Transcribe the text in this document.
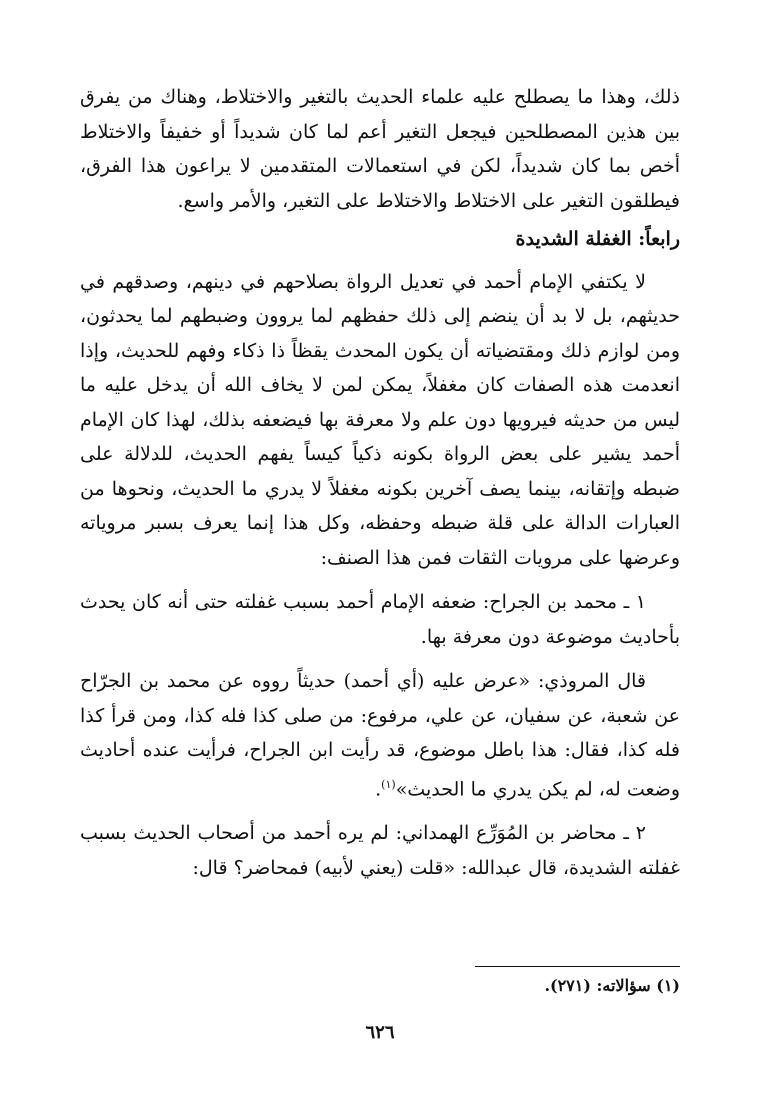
ذلك، وهذا ما يصطلح عليه علماء الحديث بالتغير والاختلاط، وهناك من يفرق بين هذين المصطلحين فيجعل التغير أعم لما كان شديداً أو خفيفاً والاختلاط أخص بما كان شديداً، لكن في استعمالات المتقدمين لا يراعون هذا الفرق، فيطلقون التغير على الاختلاط والاختلاط على التغير، والأمر واسع.

رابعاً: الغفلة الشديدة

لا يكتفي الإمام أحمد في تعديل الرواة بصلاحهم في دينهم، وصدقهم في حديثهم، بل لا بد أن ينضم إلى ذلك حفظهم لما يروون وضبطهم لما يحدثون، ومن لوازم ذلك ومقتضياته أن يكون المحدث يقظاً ذا ذكاء وفهم للحديث، وإذا انعدمت هذه الصفات كان مغفلاً، يمكن لمن لا يخاف الله أن يدخل عليه ما ليس من حديثه فيرويها دون علم ولا معرفة بها فيضعفه بذلك، لهذا كان الإمام أحمد يشير على بعض الرواة بكونه ذكياً كيساً يفهم الحديث، للدلالة على ضبطه وإتقانه، بينما يصف آخرين بكونه مغفلاً لا يدري ما الحديث، ونحوها من العبارات الدالة على قلة ضبطه وحفظه، وكل هذا إنما يعرف بسبر مروياته وعرضها على مرويات الثقات فمن هذا الصنف:

١ ـ محمد بن الجراح: ضعفه الإمام أحمد بسبب غفلته حتى أنه كان يحدث بأحاديث موضوعة دون معرفة بها.

قال المروذي: «عرض عليه (أي أحمد) حديثاً رووه عن محمد بن الجرّاح عن شعبة، عن سفيان، عن علي، مرفوع: من صلى كذا فله كذا، ومن قرأ كذا فله كذا، فقال: هذا باطل موضوع، قد رأيت ابن الجراح، فرأيت عنده أحاديث وضعت له، لم يكن يدري ما الحديث»$^{(١)}$.

٢ ـ محاضر بن المُوَرِّع الهمداني: لم يره أحمد من أصحاب الحديث بسبب غفلته الشديدة، قال عبدالله: «قلت (يعني لأبيه) فمحاضر؟ قال:

(١) سؤالاته: (٢٧١).
٦٢٦
